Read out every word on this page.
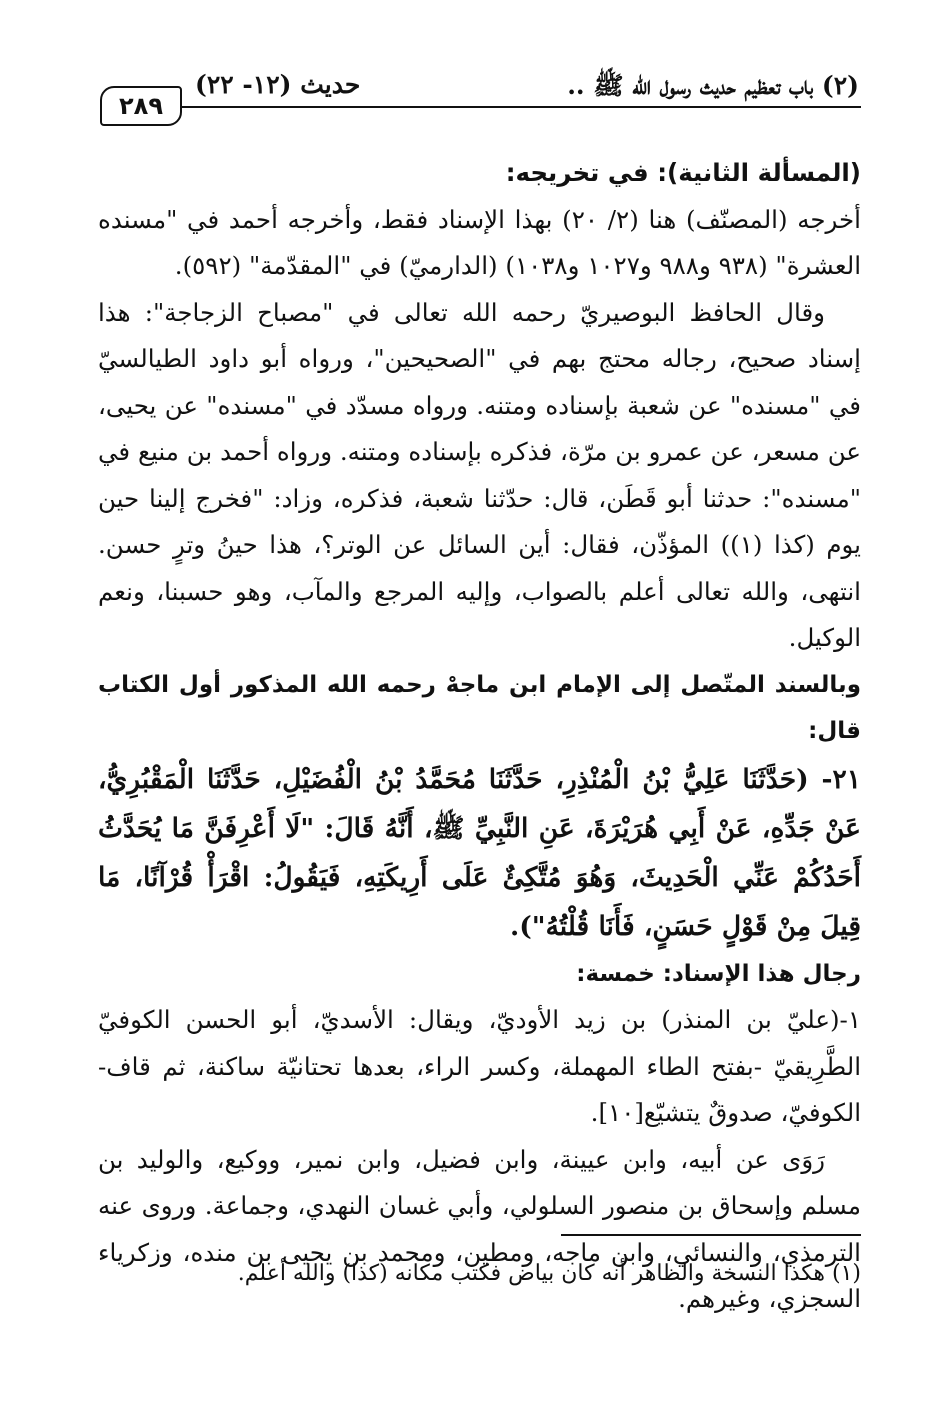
(٢) باب تعظيم حديث رسول الله ﷺ ..
حديث (١٢- ٢٢)
٢٨٩

(المسألة الثانية): في تخريجه:

أخرجه (المصنّف) هنا (٢/ ٢٠) بهذا الإسناد فقط، وأخرجه أحمد في "مسنده العشرة" (٩٣٨ و٩٨٨ و١٠٢٧ و١٠٣٨) (الدارميّ) في "المقدّمة" (٥٩٢).

وقال الحافظ البوصيريّ رحمه الله تعالى في "مصباح الزجاجة": هذا إسناد صحيح، رجاله محتج بهم في "الصحيحين"، ورواه أبو داود الطيالسيّ في "مسنده" عن شعبة بإسناده ومتنه. ورواه مسدّد في "مسنده" عن يحيى، عن مسعر، عن عمرو بن مرّة، فذكره بإسناده ومتنه. ورواه أحمد بن منيع في "مسنده": حدثنا أبو قَطَن، قال: حدّثنا شعبة، فذكره، وزاد: "فخرج إلينا حين يوم (كذا (١)) المؤذّن، فقال: أين السائل عن الوتر؟، هذا حينُ وترٍ حسن. انتهى، والله تعالى أعلم بالصواب، وإليه المرجع والمآب، وهو حسبنا، ونعم الوكيل.

وبالسند المتّصل إلى الإمام ابن ماجهْ رحمه الله المذكور أول الكتاب قال:

٢١- (حَدَّثَنَا عَلِيُّ بْنُ الْمُنْذِرِ، حَدَّثَنَا مُحَمَّدُ بْنُ الْفُضَيْلِ، حَدَّثَنَا الْمَقْبُرِيُّ، عَنْ جَدِّهِ، عَنْ أَبِي هُرَيْرَةَ، عَنِ النَّبِيِّ ﷺ، أَنَّهُ قَالَ: "لَا أَعْرِفَنَّ مَا يُحَدَّثُ أَحَدُكُمْ عَنِّي الْحَدِيثَ، وَهُوَ مُتَّكِئٌ عَلَى أَرِيكَتِهِ، فَيَقُولُ: اقْرَأْ قُرْآنًا، مَا قِيلَ مِنْ قَوْلٍ حَسَنٍ، فَأَنَا قُلْتُهُ").

رجال هذا الإسناد: خمسة:

١-(عليّ بن المنذر) بن زيد الأوديّ، ويقال: الأسديّ، أبو الحسن الكوفيّ الطَّرِيقيّ -بفتح الطاء المهملة، وكسر الراء، بعدها تحتانيّة ساكنة، ثم قاف- الكوفيّ، صدوقٌ يتشيّع[١٠].

رَوَى عن أبيه، وابن عيينة، وابن فضيل، وابن نمير، ووكيع، والوليد بن مسلم وإسحاق بن منصور السلولي، وأبي غسان النهدي، وجماعة. وروى عنه الترمذي، والنسائي، وابن ماجه، ومطين، ومحمد بن يحيى بن منده، وزكرياء السجزي، وغيرهم.

(١) هكذا النسخة والظاهر أنه كان بياض فكتب مكانه (كذا) والله أعلم.
